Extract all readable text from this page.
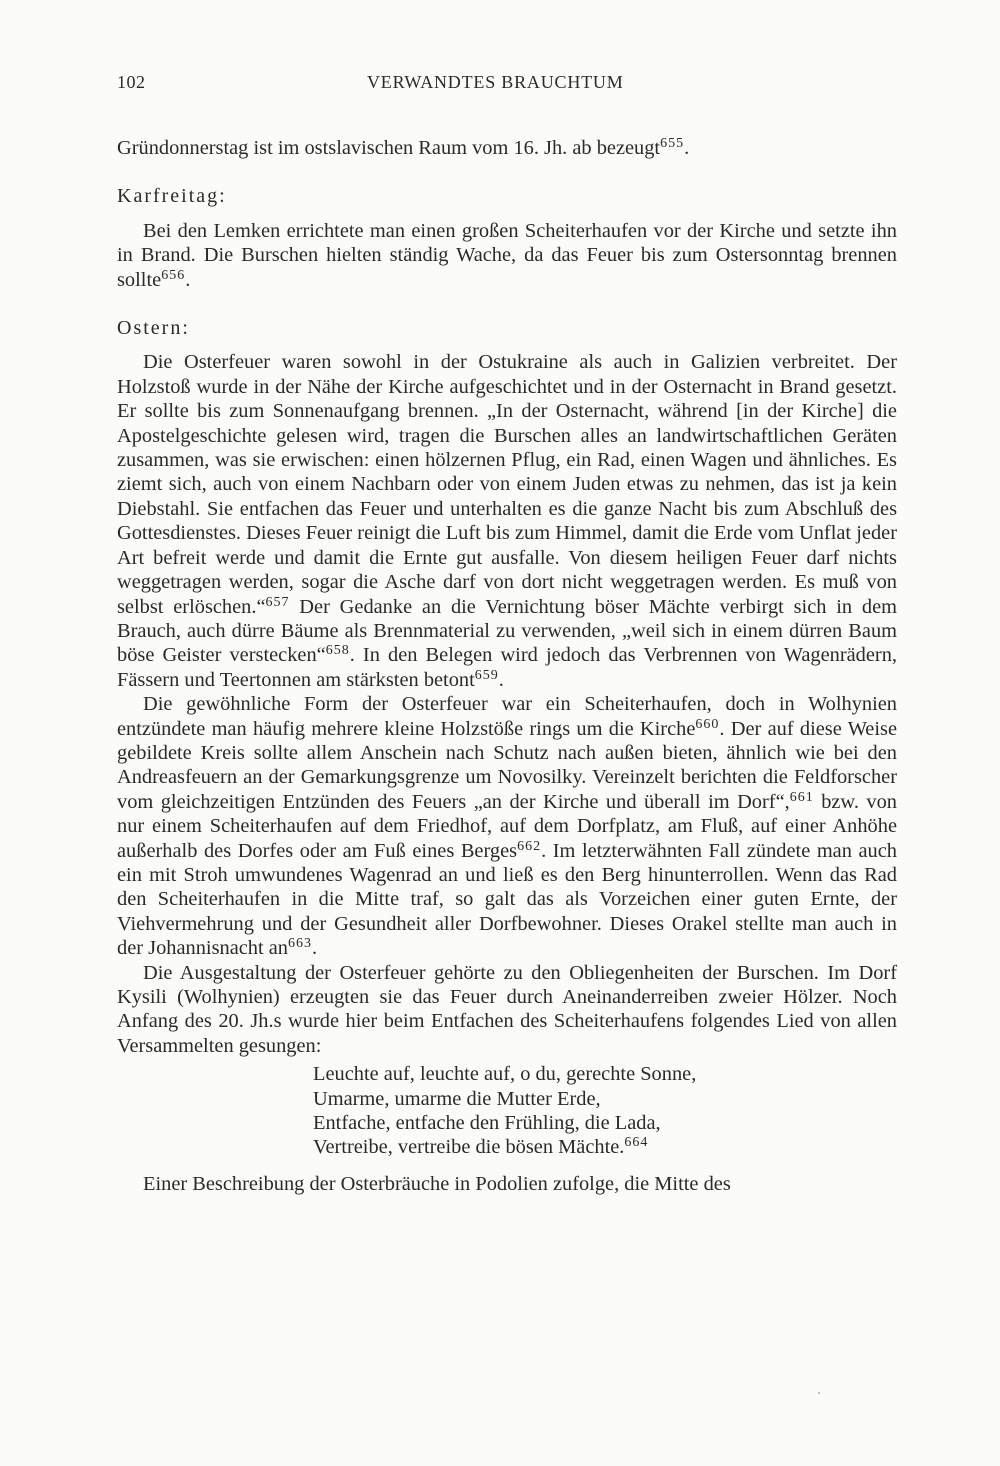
102	VERWANDTES BRAUCHTUM

Gründonnerstag ist im ostslavischen Raum vom 16. Jh. ab bezeugt$^{655}$.

Karfreitag:

Bei den Lemken errichtete man einen großen Scheiterhaufen vor der Kirche und setzte ihn in Brand. Die Burschen hielten ständig Wache, da das Feuer bis zum Ostersonntag brennen sollte$^{656}$.

Ostern:

Die Osterfeuer waren sowohl in der Ostukraine als auch in Galizien verbreitet. Der Holzstoß wurde in der Nähe der Kirche aufgeschichtet und in der Osternacht in Brand gesetzt. Er sollte bis zum Sonnenaufgang brennen. „In der Osternacht, während [in der Kirche] die Apostelgeschichte gelesen wird, tragen die Burschen alles an landwirtschaftlichen Geräten zusammen, was sie erwischen: einen hölzernen Pflug, ein Rad, einen Wagen und ähnliches. Es ziemt sich, auch von einem Nachbarn oder von einem Juden etwas zu nehmen, das ist ja kein Diebstahl. Sie entfachen das Feuer und unterhalten es die ganze Nacht bis zum Abschluß des Gottesdienstes. Dieses Feuer reinigt die Luft bis zum Himmel, damit die Erde vom Unflat jeder Art befreit werde und damit die Ernte gut ausfalle. Von diesem heiligen Feuer darf nichts weggetragen werden, sogar die Asche darf von dort nicht weggetragen werden. Es muß von selbst erlöschen.“$^{657}$ Der Gedanke an die Vernichtung böser Mächte verbirgt sich in dem Brauch, auch dürre Bäume als Brennmaterial zu verwenden, „weil sich in einem dürren Baum böse Geister verstecken“$^{658}$. In den Belegen wird jedoch das Verbrennen von Wagenrädern, Fässern und Teertonnen am stärksten betont$^{659}$.

Die gewöhnliche Form der Osterfeuer war ein Scheiterhaufen, doch in Wolhynien entzündete man häufig mehrere kleine Holzstöße rings um die Kirche$^{660}$. Der auf diese Weise gebildete Kreis sollte allem Anschein nach Schutz nach außen bieten, ähnlich wie bei den Andreasfeuern an der Gemarkungsgrenze um Novosilky. Vereinzelt berichten die Feldforscher vom gleichzeitigen Entzünden des Feuers „an der Kirche und überall im Dorf“,$^{661}$ bzw. von nur einem Scheiterhaufen auf dem Friedhof, auf dem Dorfplatz, am Fluß, auf einer Anhöhe außerhalb des Dorfes oder am Fuß eines Berges$^{662}$. Im letzterwähnten Fall zündete man auch ein mit Stroh umwundenes Wagenrad an und ließ es den Berg hinunterrollen. Wenn das Rad den Scheiterhaufen in die Mitte traf, so galt das als Vorzeichen einer guten Ernte, der Viehvermehrung und der Gesundheit aller Dorfbewohner. Dieses Orakel stellte man auch in der Johannisnacht $an^{663}$.

Die Ausgestaltung der Osterfeuer gehörte zu den Obliegenheiten der Burschen. Im Dorf Kysili (Wolhynien) erzeugten sie das Feuer durch Aneinanderreiben zweier Hölzer. Noch Anfang des 20. Jh.s wurde hier beim Entfachen des Scheiterhaufens folgendes Lied von allen Versammelten gesungen:

Leuchte auf, leuchte auf, o du, gerechte Sonne,
Umarme, umarme die Mutter Erde,
Entfache, entfache den Frühling, die Lada,
Vertreibe, vertreibe die bösen Mächte.$^{664}$

Einer Beschreibung der Osterbräuche in Podolien zufolge, die Mitte des
